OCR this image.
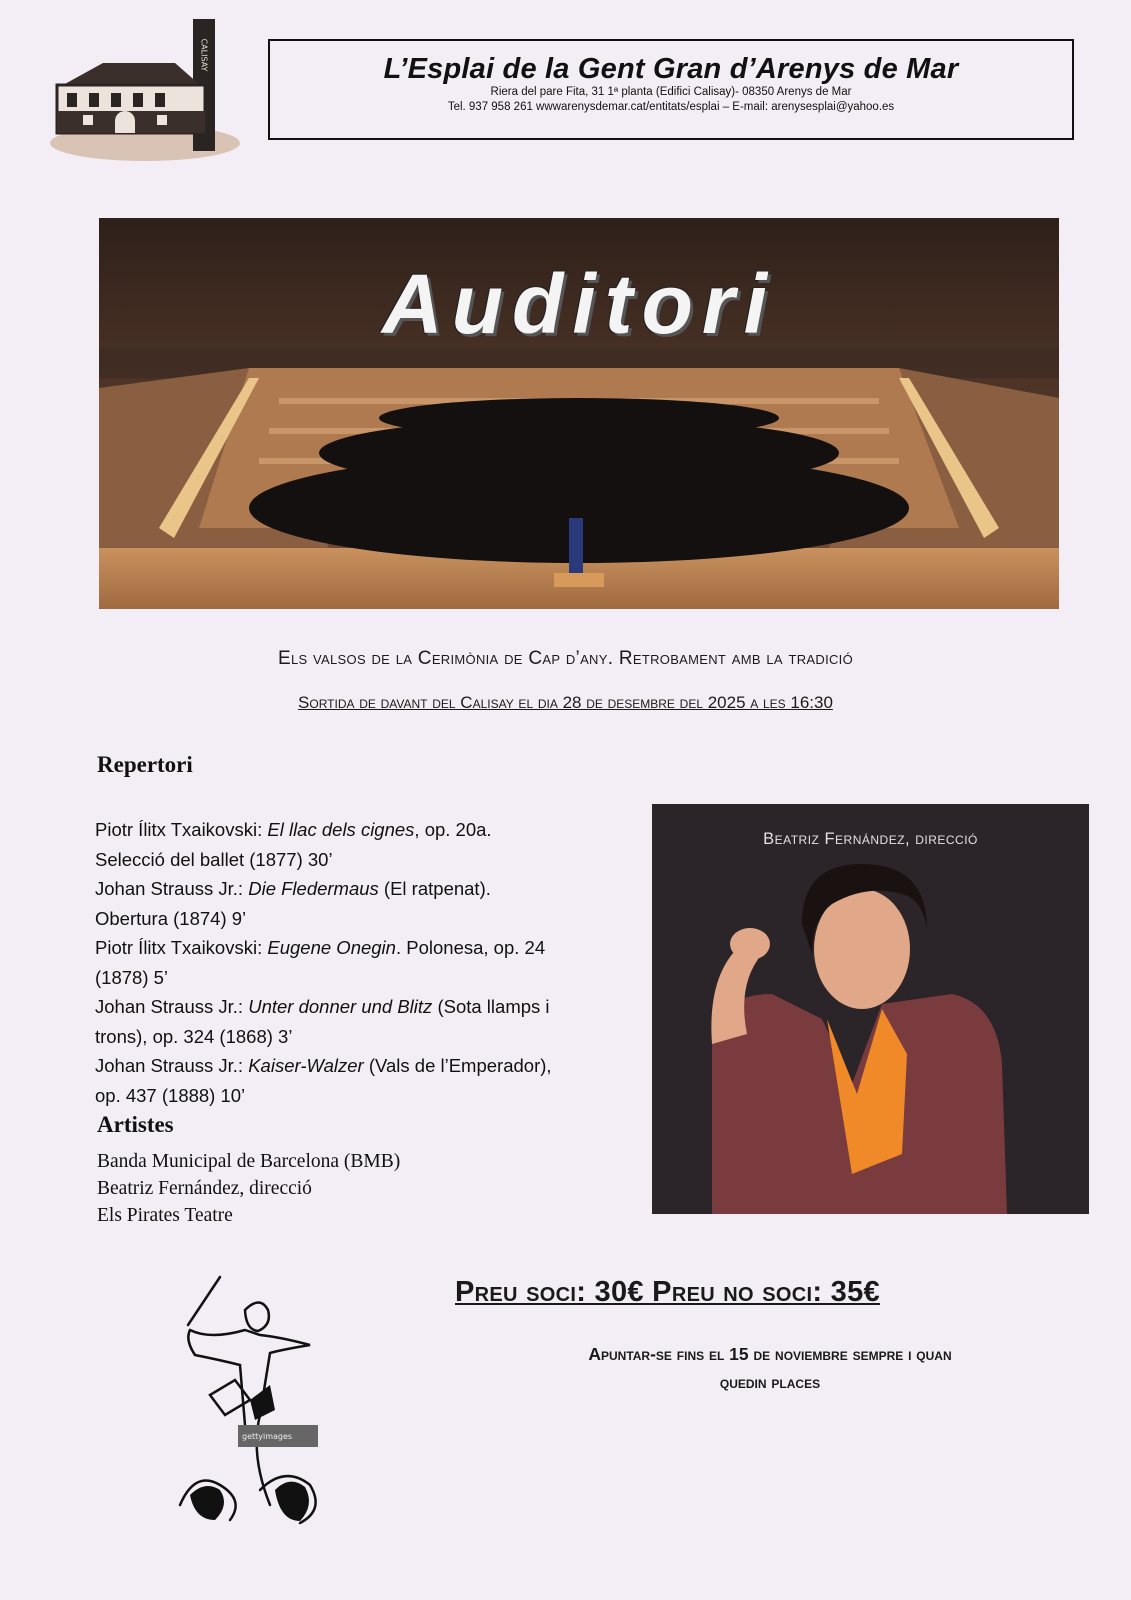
CALISAY	L’Esplai de la Gent Gran d’Arenys de Mar
Riera del pare Fita, 31 1ª planta (Edifici Calisay)- 08350 Arenys de Mar
Tel. 937 958 261 wwwarenysdemar.cat/entitats/esplai – E-mail: arenysesplai@yahoo.es
Auditori
Els valsos de la Cerimònia de Cap d’any. Retrobament amb la tradició
Sortida de davant del Calisay el dia 28 de desembre del 2025 a les 16:30
Repertori
Piotr Ílitx Txaikovski: El llac dels cignes, op. 20a.
Selecció del ballet (1877) 30’
Johan Strauss Jr.: Die Fledermaus (El ratpenat).
Obertura (1874) 9’
Piotr Ílitx Txaikovski: Eugene Onegin. Polonesa, op. 24
(1878) 5’
Johan Strauss Jr.: Unter donner und Blitz (Sota llamps i
trons), op. 324 (1868) 3’
Johan Strauss Jr.: Kaiser-Walzer (Vals de l’Emperador),
op. 437 (1888) 10’
Artistes
Banda Municipal de Barcelona (BMB)
Beatriz Fernández, direcció
Els Pirates Teatre
Beatriz Fernández, direcció
gettyimages
Preu soci: 30€ Preu no soci: 35€
Apuntar-se fins el 15 de noviembre sempre i quan
quedin places
